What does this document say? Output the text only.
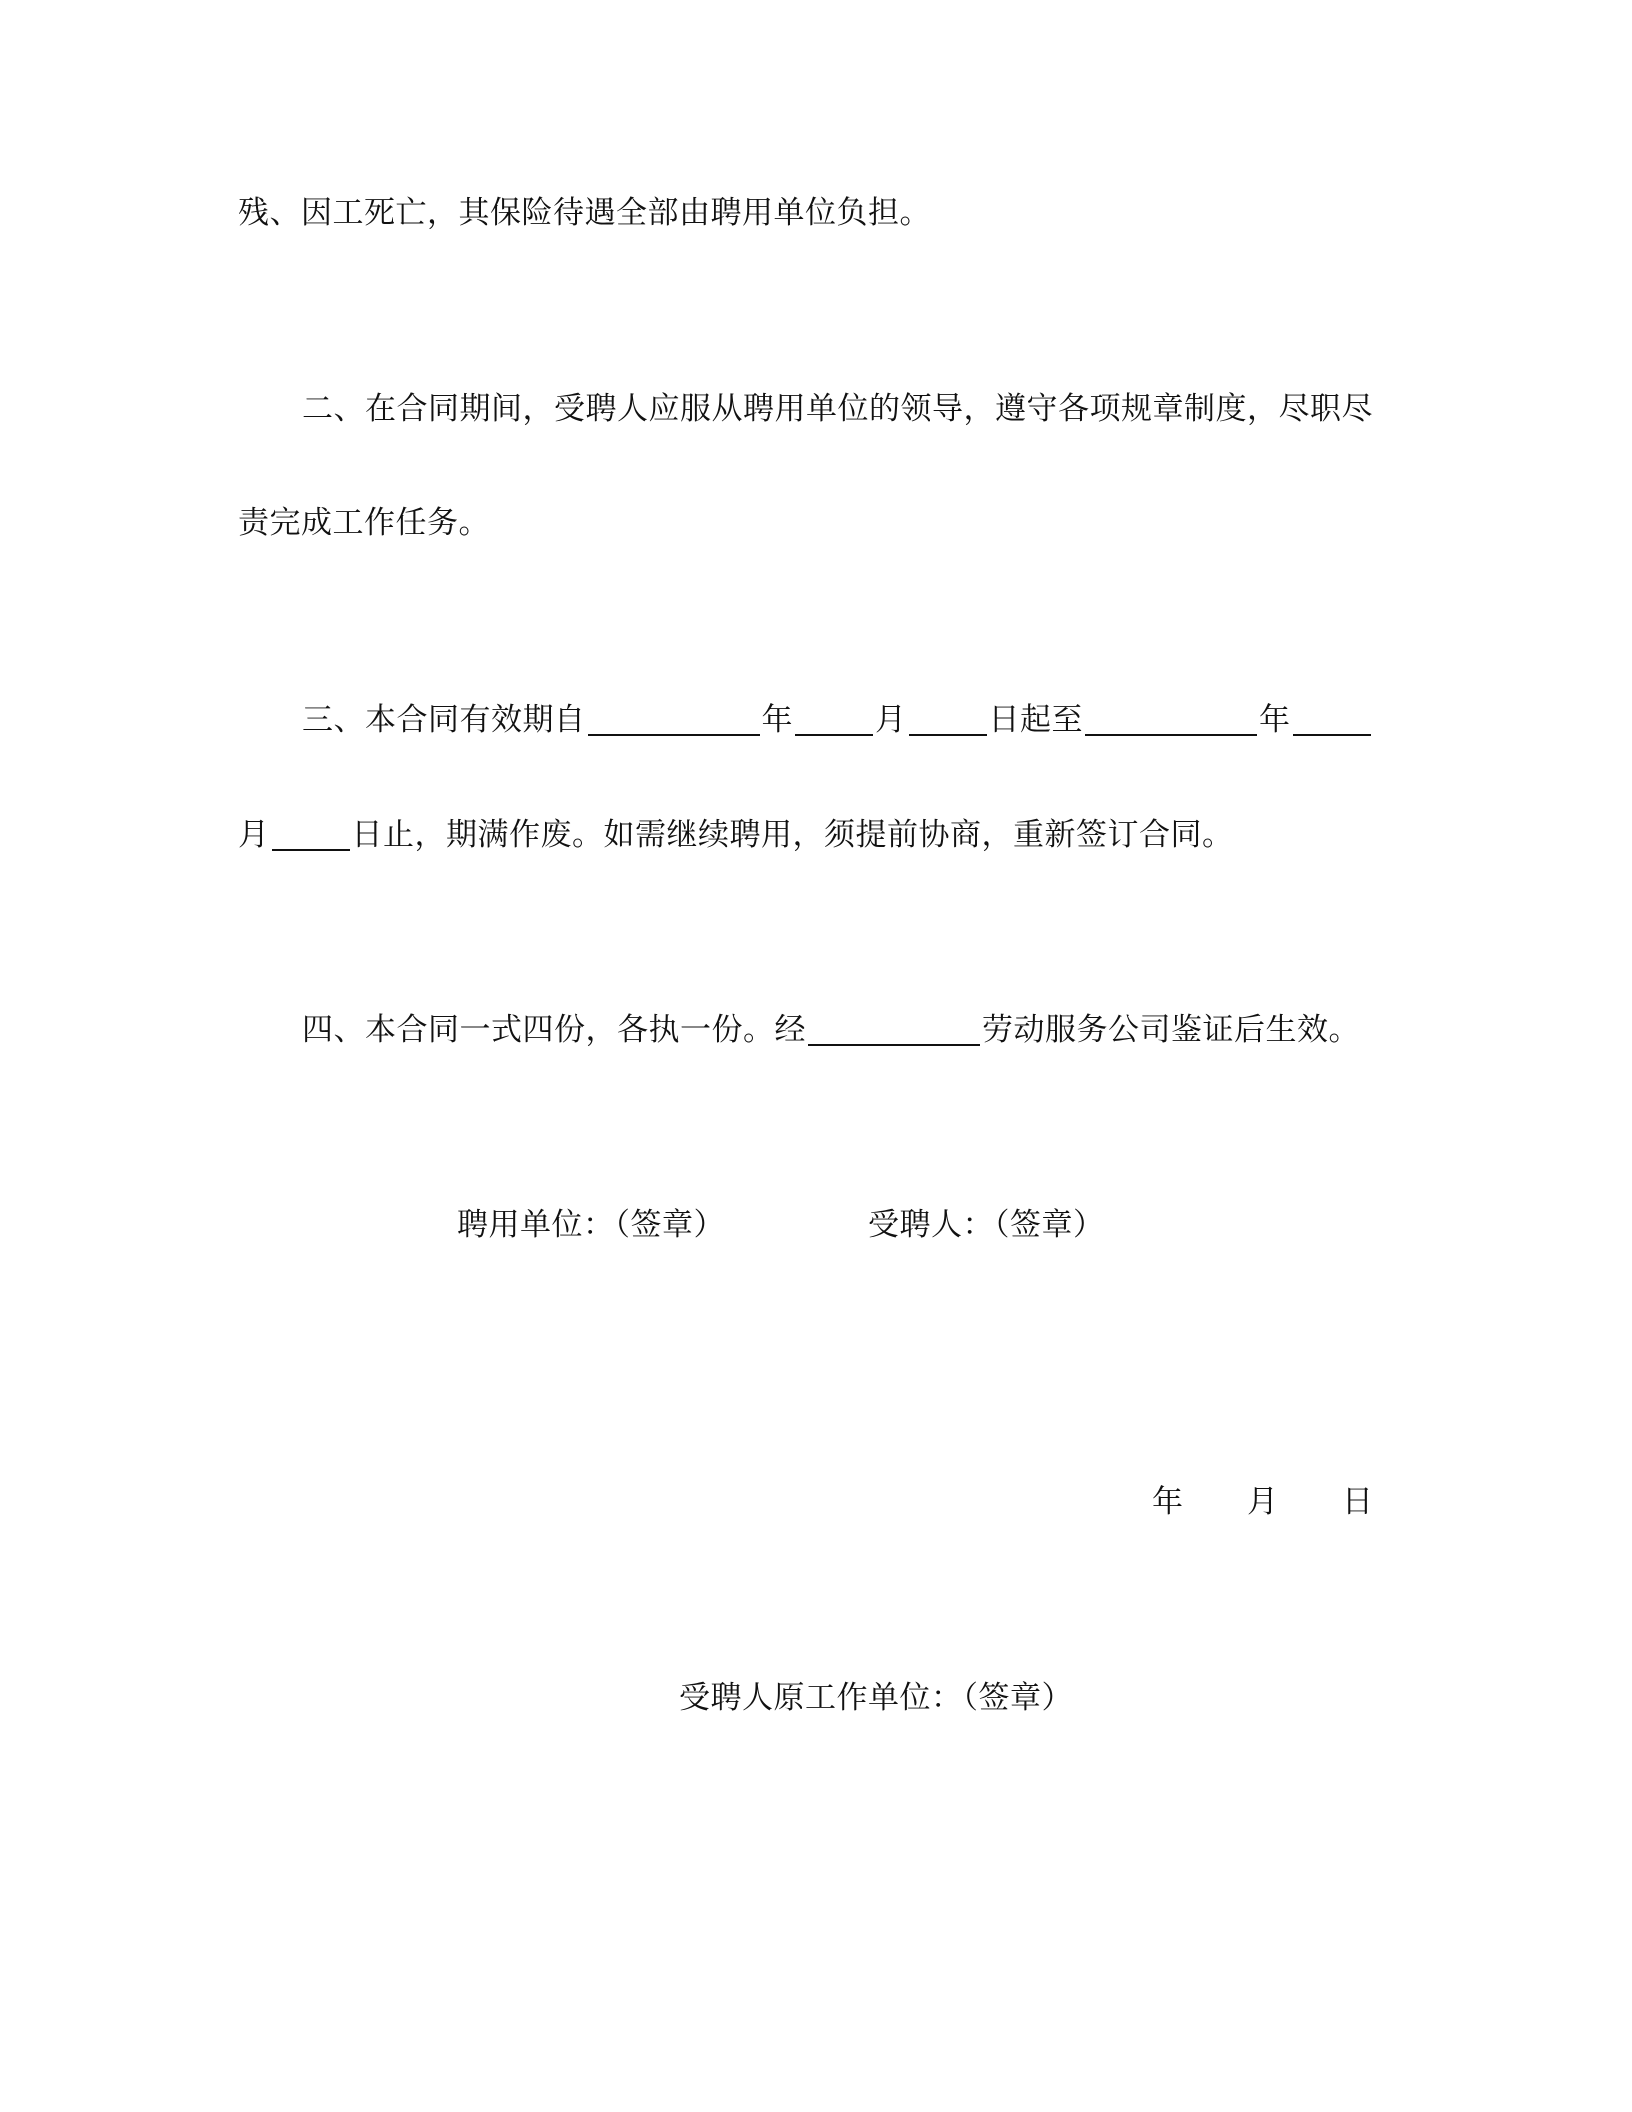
残、因工死亡，其保险待遇全部由聘用单位负担。
二、在合同期间，受聘人应服从聘用单位的领导，遵守各项规章制度，尽职尽
责完成工作任务。
三、本合同有效期自	年	月	日起至	年
月	日止，期满作废。如需继续聘用，须提前协商，重新签订合同。
四、本合同一式四份，各执一份。经	劳动服务公司鉴证后生效。
聘用单位：（签章）	受聘人：（签章）
年 月 日
受聘人原工作单位：（签章）
